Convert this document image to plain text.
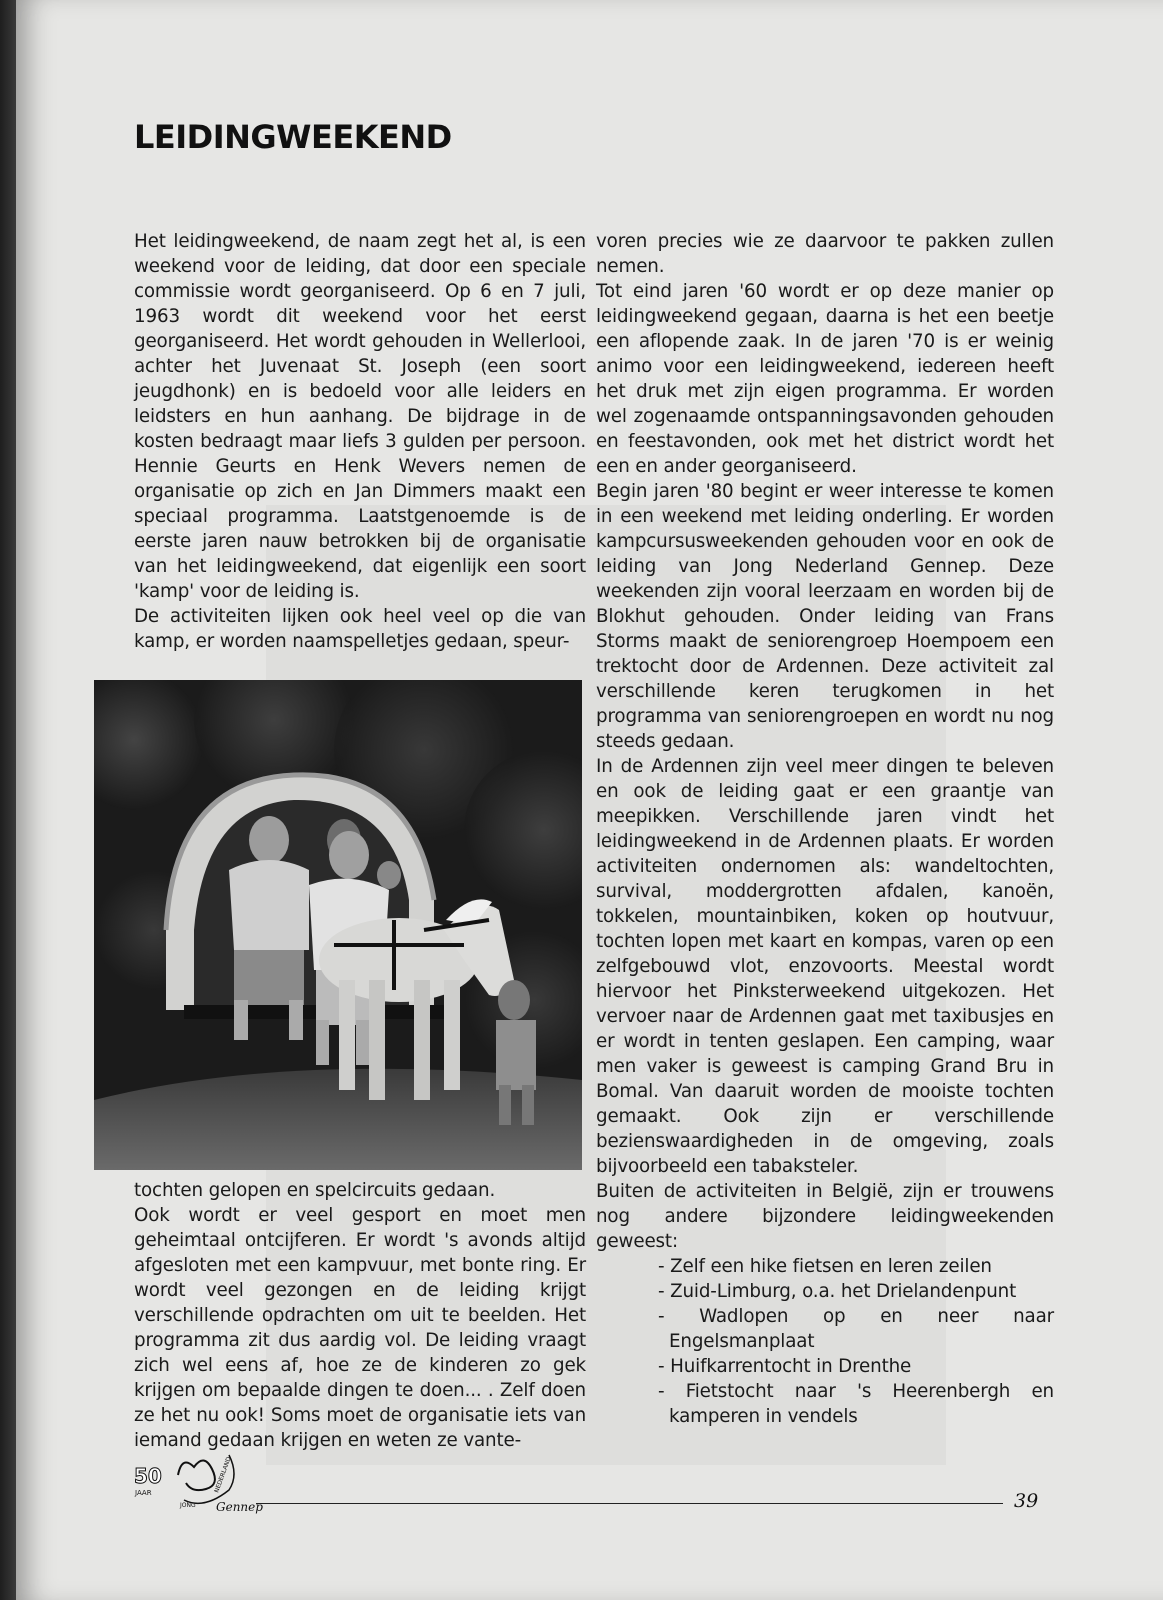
LEIDINGWEEKEND

Het leidingweekend, de naam zegt het al, is een weekend voor de leiding, dat door een speciale commissie wordt georganiseerd. Op 6 en 7 juli, 1963 wordt dit weekend voor het eerst georganiseerd. Het wordt gehouden in Wellerlooi, achter het Juvenaat St. Joseph (een soort jeugdhonk) en is bedoeld voor alle leiders en leidsters en hun aanhang. De bijdrage in de kosten bedraagt maar liefs 3 gulden per persoon. Hennie Geurts en Henk Wevers nemen de organisatie op zich en Jan Dimmers maakt een speciaal programma. Laatstgenoemde is de eerste jaren nauw betrokken bij de organisatie van het leidingweekend, dat eigenlijk een soort 'kamp' voor de leiding is.

De activiteiten lijken ook heel veel op die van kamp, er worden naamspelletjes gedaan, speur-

tochten gelopen en spelcircuits gedaan.

Ook wordt er veel gesport en moet men geheimtaal ontcijferen. Er wordt 's avonds altijd afgesloten met een kampvuur, met bonte ring. Er wordt veel gezongen en de leiding krijgt verschillende opdrachten om uit te beelden. Het programma zit dus aardig vol. De leiding vraagt zich wel eens af, hoe ze de kinderen zo gek krijgen om bepaalde dingen te doen... . Zelf doen ze het nu ook! Soms moet de organisatie iets van iemand gedaan krijgen en weten ze vante-

voren precies wie ze daarvoor te pakken zullen nemen.

Tot eind jaren '60 wordt er op deze manier op leidingweekend gegaan, daarna is het een beetje een aflopende zaak. In de jaren '70 is er weinig animo voor een leidingweekend, iedereen heeft het druk met zijn eigen programma. Er worden wel zogenaamde ontspanningsavonden gehouden en feestavonden, ook met het district wordt het een en ander georganiseerd.

Begin jaren '80 begint er weer interesse te komen in een weekend met leiding onderling. Er worden kampcursusweekenden gehouden voor en ook de leiding van Jong Nederland Gennep. Deze weekenden zijn vooral leerzaam en worden bij de Blokhut gehouden. Onder leiding van Frans Storms maakt de seniorengroep Hoempoem een trektocht door de Ardennen. Deze activiteit zal verschillende keren terugkomen in het programma van seniorengroepen en wordt nu nog steeds gedaan.

In de Ardennen zijn veel meer dingen te beleven en ook de leiding gaat er een graantje van meepikken. Verschillende jaren vindt het leidingweekend in de Ardennen plaats. Er worden activiteiten ondernomen als: wandeltochten, survival, moddergrotten afdalen, kanoën, tokkelen, mountainbiken, koken op houtvuur, tochten lopen met kaart en kompas, varen op een zelfgebouwd vlot, enzovoorts. Meestal wordt hiervoor het Pinksterweekend uitgekozen. Het vervoer naar de Ardennen gaat met taxibusjes en er wordt in tenten geslapen. Een camping, waar men vaker is geweest is camping Grand Bru in Bomal. Van daaruit worden de mooiste tochten gemaakt. Ook zijn er verschillende bezienswaardigheden in de omgeving, zoals bijvoorbeeld een tabaksteler.

Buiten de activiteiten in België, zijn er trouwens nog andere bijzondere leidingweekenden geweest:

- Zelf een hike fietsen en leren zeilen
- Zuid-Limburg, o.a. het Drielandenpunt
- Wadlopen op en neer naar Engelsmanplaat
- Huifkarrentocht in Drenthe
- Fietstocht naar 's Heerenbergh en kamperen in vendels
50
JAAR
JONG
NEDERLAND
Gennep	39
